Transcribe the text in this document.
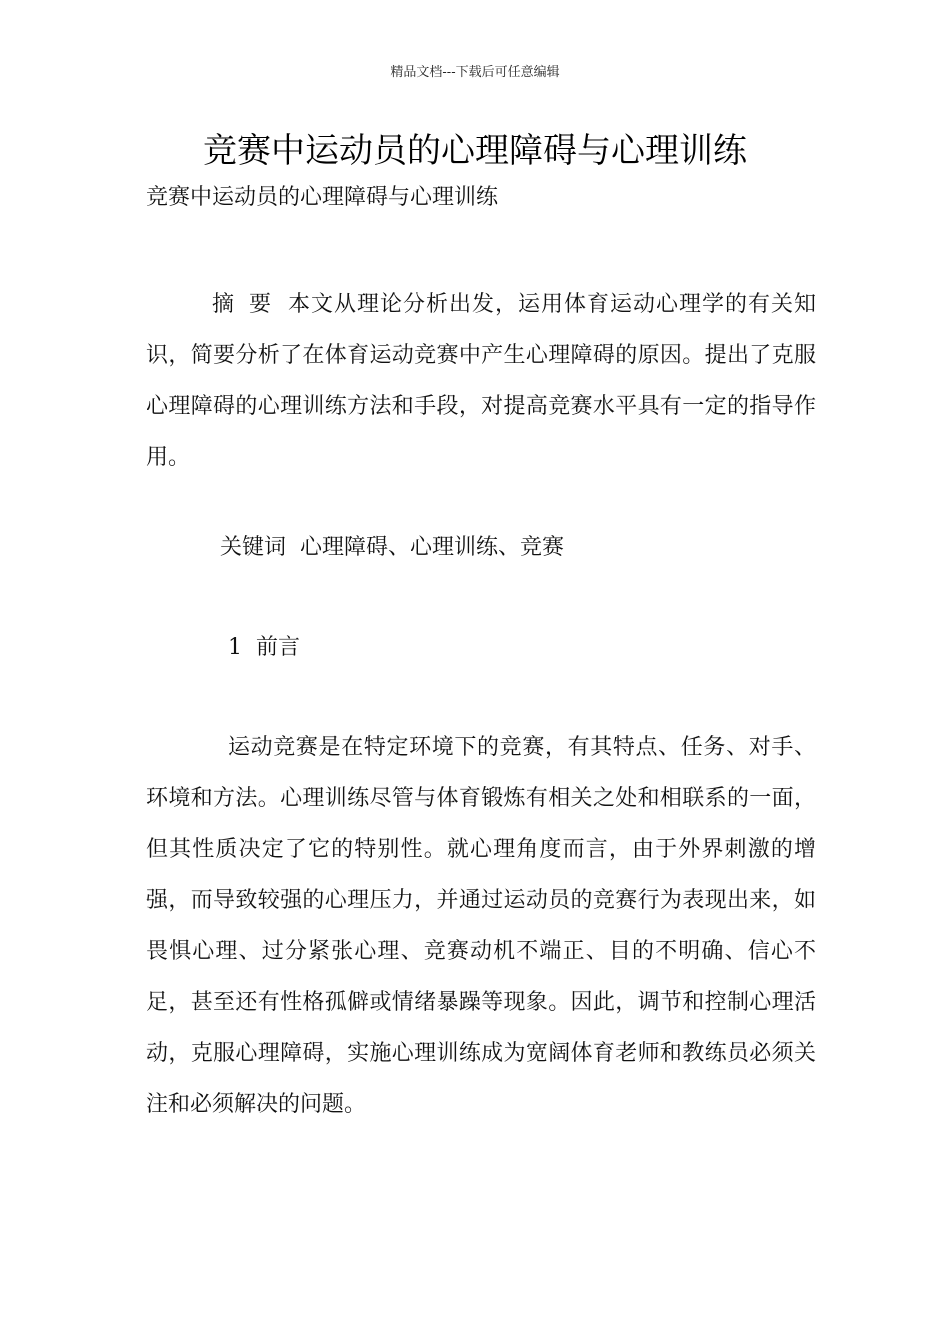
精品文档---下载后可任意编辑
竞赛中运动员的心理障碍与心理训练
竞赛中运动员的心理障碍与心理训练

摘要本文从理论分析出发，运用体育运动心理学的有关知识，简要分析了在体育运动竞赛中产生心理障碍的原因。提出了克服心理障碍的心理训练方法和手段，对提高竞赛水平具有一定的指导作用。

关键词 心理障碍、心理训练、竞赛

1 前言

运动竞赛是在特定环境下的竞赛，有其特点、任务、对手、环境和方法。心理训练尽管与体育锻炼有相关之处和相联系的一面，但其性质决定了它的特别性。就心理角度而言，由于外界刺激的增强，而导致较强的心理压力，并通过运动员的竞赛行为表现出来，如畏惧心理、过分紧张心理、竞赛动机不端正、目的不明确、信心不足，甚至还有性格孤僻或情绪暴躁等现象。因此，调节和控制心理活动，克服心理障碍，实施心理训练成为宽阔体育老师和教练员必须关注和必须解决的问题。
